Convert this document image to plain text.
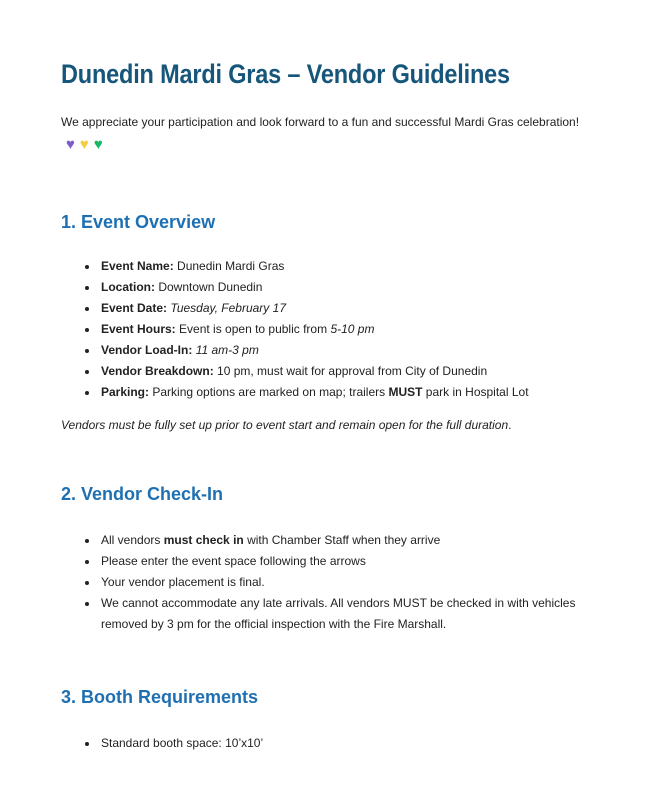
Dunedin Mardi Gras – Vendor Guidelines

We appreciate your participation and look forward to a fun and successful Mardi Gras celebration!♥ ♥ ♥

1. Event Overview
Event Name: Dunedin Mardi Gras
Location: Downtown Dunedin
Event Date: Tuesday, February 17
Event Hours: Event is open to public from 5-10 pm
Vendor Load-In: 11 am-3 pm
Vendor Breakdown: 10 pm, must wait for approval from City of Dunedin
Parking: Parking options are marked on map; trailers MUST park in Hospital Lot

Vendors must be fully set up prior to event start and remain open for the full duration.

2. Vendor Check-In
All vendors must check in with Chamber Staff when they arrive
Please enter the event space following the arrows
Your vendor placement is final.
We cannot accommodate any late arrivals. All vendors MUST be checked in with vehicles removed by 3 pm for the official inspection with the Fire Marshall.
3. Booth Requirements
Standard booth space: 10’x10’
